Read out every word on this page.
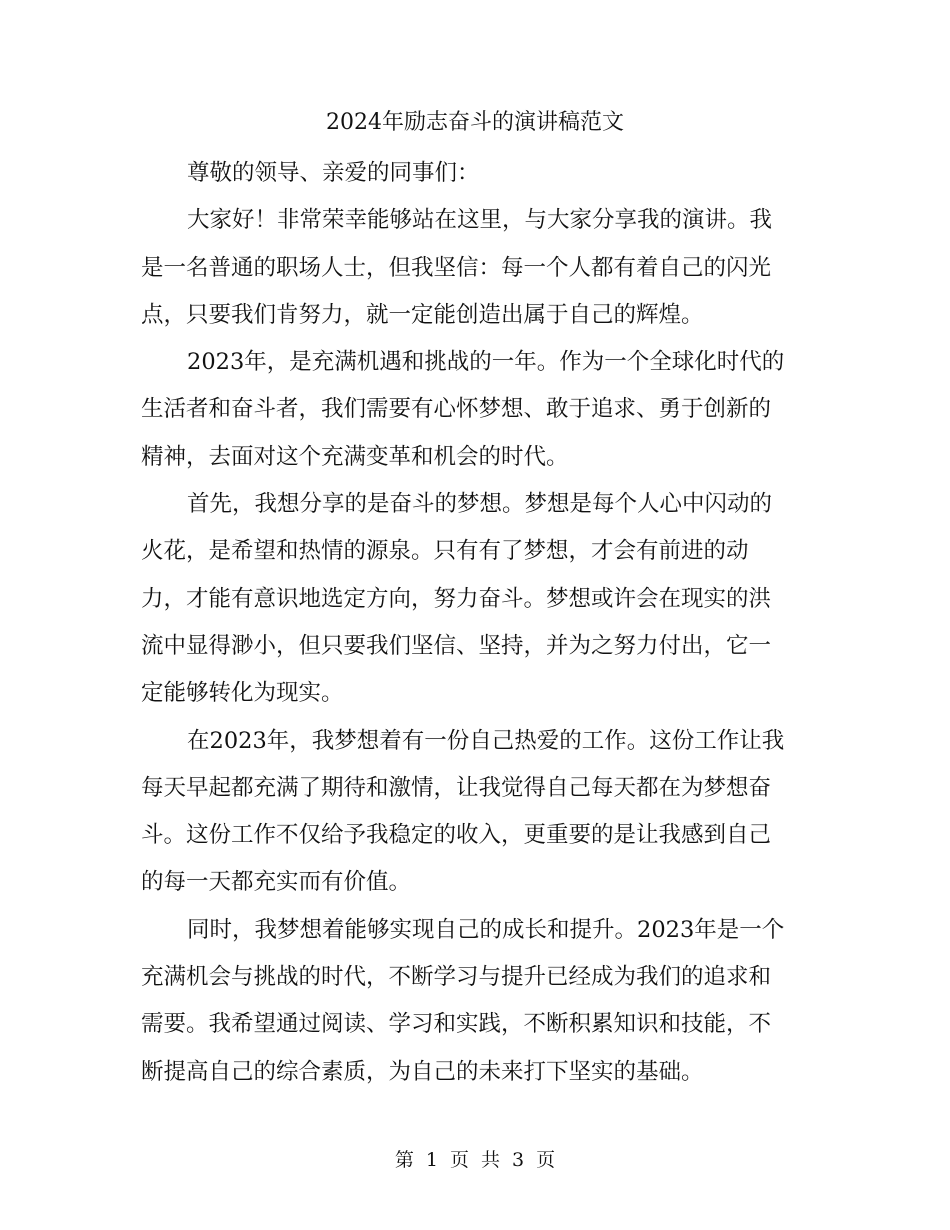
2024年励志奋斗的演讲稿范文
尊敬的领导、亲爱的同事们：
大家好！非常荣幸能够站在这里，与大家分享我的演讲。我
是一名普通的职场人士，但我坚信：每一个人都有着自己的闪光
点，只要我们肯努力，就一定能创造出属于自己的辉煌。
2023年，是充满机遇和挑战的一年。作为一个全球化时代的
生活者和奋斗者，我们需要有心怀梦想、敢于追求、勇于创新的
精神，去面对这个充满变革和机会的时代。
首先，我想分享的是奋斗的梦想。梦想是每个人心中闪动的
火花，是希望和热情的源泉。只有有了梦想，才会有前进的动
力，才能有意识地选定方向，努力奋斗。梦想或许会在现实的洪
流中显得渺小，但只要我们坚信、坚持，并为之努力付出，它一
定能够转化为现实。
在2023年，我梦想着有一份自己热爱的工作。这份工作让我
每天早起都充满了期待和激情，让我觉得自己每天都在为梦想奋
斗。这份工作不仅给予我稳定的收入，更重要的是让我感到自己
的每一天都充实而有价值。
同时，我梦想着能够实现自己的成长和提升。2023年是一个
充满机会与挑战的时代，不断学习与提升已经成为我们的追求和
需要。我希望通过阅读、学习和实践，不断积累知识和技能，不
断提高自己的综合素质，为自己的未来打下坚实的基础。
第 1 页 共 3 页
